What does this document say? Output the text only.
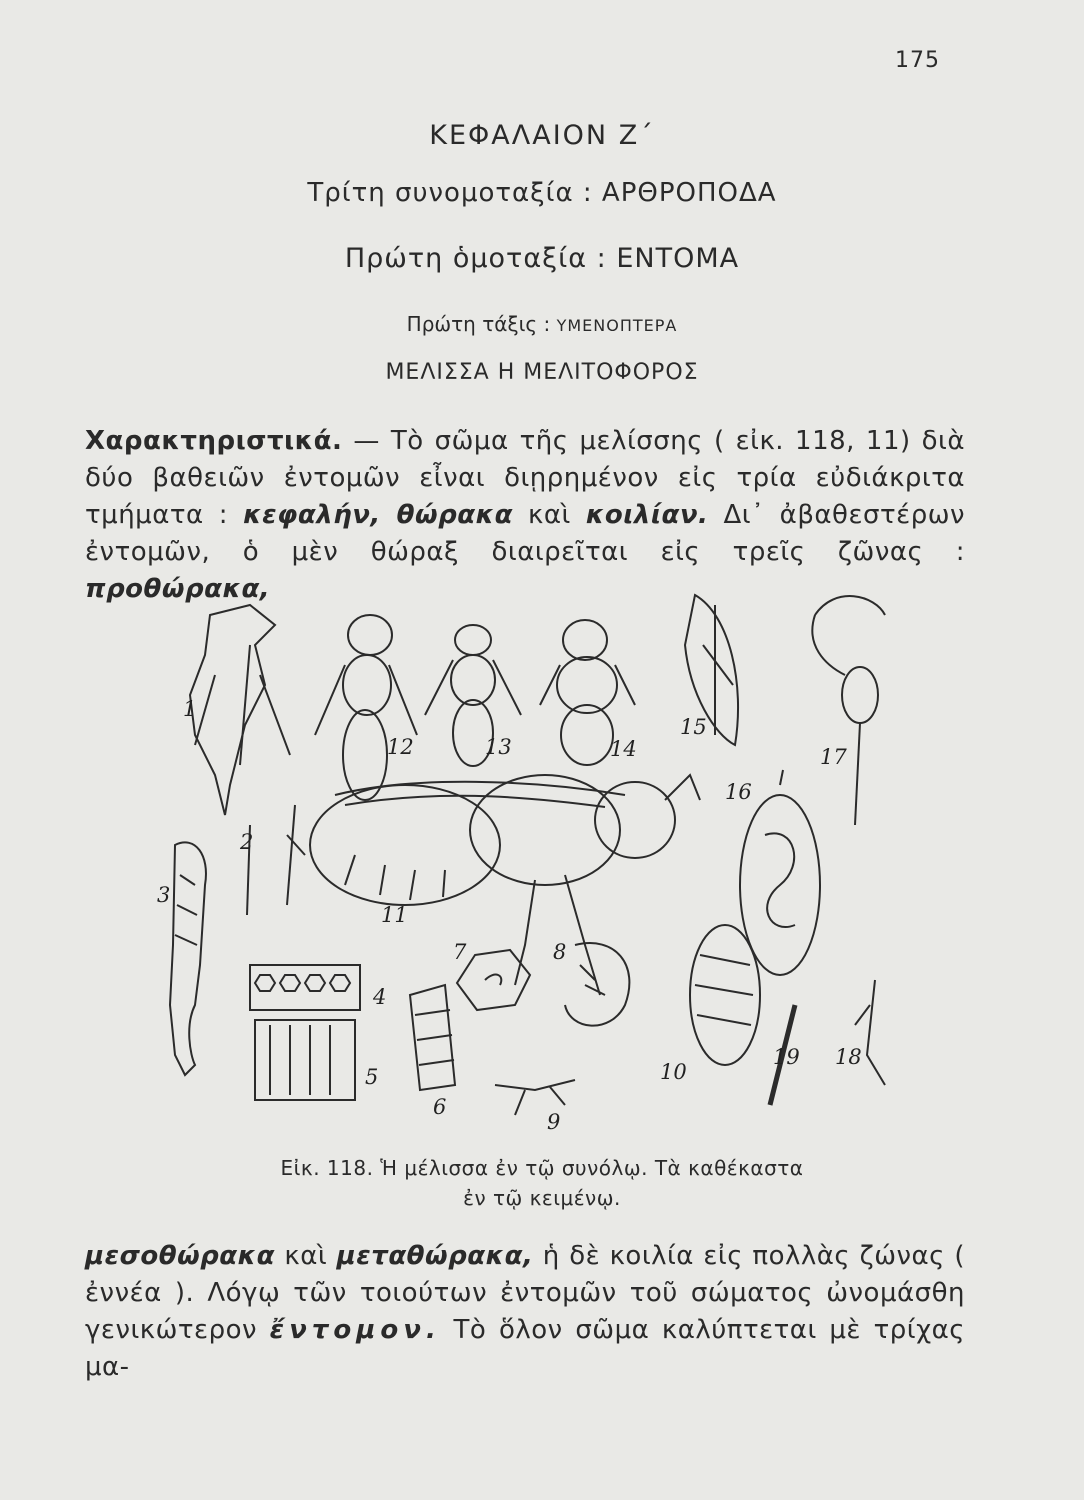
175
ΚΕΦΑΛΑΙΟΝ Ζ΄
Τρίτη συνομοταξία : ΑΡΘΡΟΠΟΔΑ
Πρώτη ὁμοταξία : ΕΝΤΟΜΑ
Πρώτη τάξις : ΥΜΕΝΟΠΤΕΡΑ
ΜΕΛΙΣΣΑ Η ΜΕΛΙΤΟΦΟΡΟΣ
Χαρακτηριστικά. — Τὸ σῶμα τῆς μελίσσης ( εἰκ. 118, 11) διὰ δύο βαθειῶν ἐντομῶν εἶναι διῃρημένον εἰς τρία εὐδιάκριτα τμήματα : κεφαλήν, θώρακα καὶ κοιλίαν. Δι᾽ ἀβαθεστέρων ἐντομῶν, ὁ μὲν θώραξ διαιρεῖται εἰς τρεῖς ζῶνας : προθώρακα,
1
2
3
4
5
6
7	8
9
10
11
12	13	14
15
16
17
18
19
Εἰκ. 118. Ἡ μέλισσα ἐν τῷ συνόλῳ. Τὰ καθέκαστα
ἐν τῷ κειμένῳ.
μεσοθώρακα καὶ μεταθώρακα, ἡ δὲ κοιλία εἰς πολλὰς ζώνας ( ἐννέα ). Λόγῳ τῶν τοιούτων ἐντομῶν τοῦ σώματος ὠνομάσθη γενικώτερον ἔντομον. Τὸ ὅλον σῶμα καλύπτεται μὲ τρίχας μα-
